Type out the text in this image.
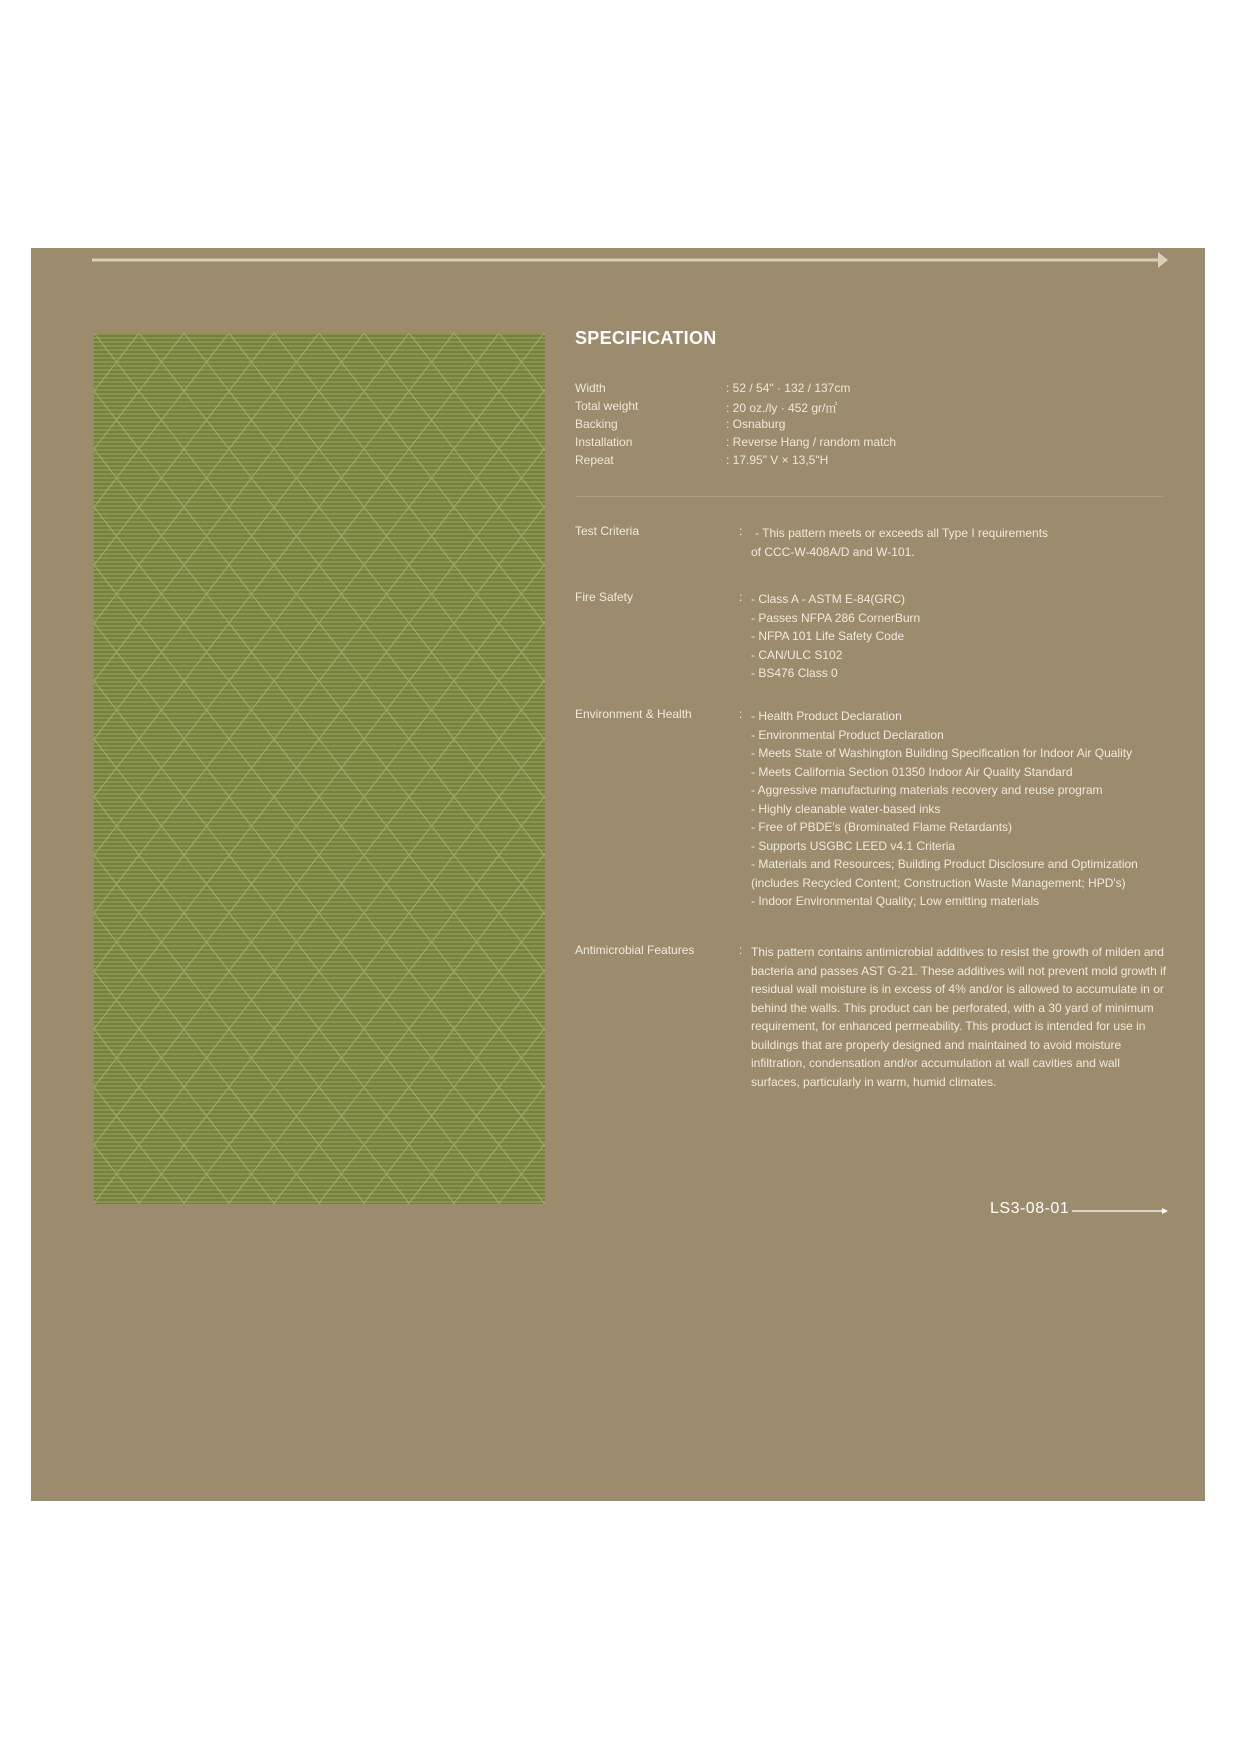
SPECIFICATION
Width	: 52 / 54" · 132 / 137cm
Total weight	: 20 oz./ly · 452 gr/㎡
Backing	: Osnaburg
Installation	: Reverse Hang / random match
Repeat	: 17.95" V × 13,5"H
Test Criteria	: - This pattern meets or exceeds all Type I requirements
of CCC-W-408A/D and W-101.
Fire Safety	: - Class A - ASTM E-84(GRC)
- Passes NFPA 286 CornerBurn
- NFPA 101 Life Safety Code
- CAN/ULC S102
- BS476 Class 0
Environment & Health	: - Health Product Declaration
- Environmental Product Declaration
- Meets State of Washington Building Specification for Indoor Air Quality
- Meets California Section 01350 Indoor Air Quality Standard
- Aggressive manufacturing materials recovery and reuse program
- Highly cleanable water-based inks
- Free of PBDE's (Brominated Flame Retardants)
- Supports USGBC LEED v4.1 Criteria
- Materials and Resources; Building Product Disclosure and Optimization
(includes Recycled Content; Construction Waste Management; HPD's)
- Indoor Environmental Quality; Low emitting materials
Antimicrobial Features	: This pattern contains antimicrobial additives to resist the growth of milden and bacteria and passes AST G-21. These additives will not prevent mold growth if residual wall moisture is in excess of 4% and/or is allowed to accumulate in or behind the walls. This product can be perforated, with a 30 yard of minimum requirement, for enhanced permeability. This product is intended for use in buildings that are properly designed and maintained to avoid moisture infiltration, condensation and/or accumulation at wall cavities and wall surfaces, particularly in warm, humid climates.
LS3-08-01
